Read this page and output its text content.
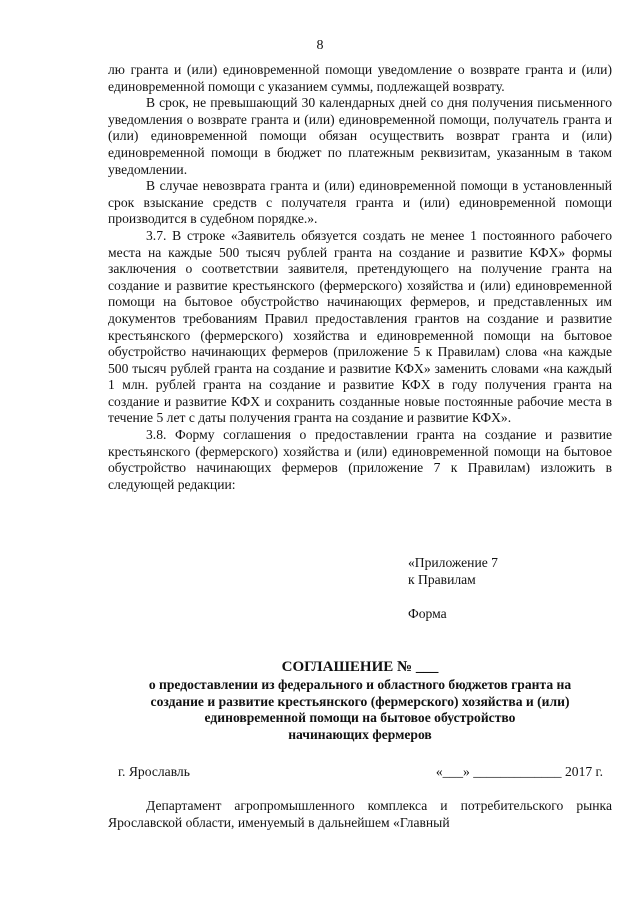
8

лю гранта и (или) единовременной помощи уведомление о возврате гранта и (или) единовременной помощи с указанием суммы, подлежащей возврату.

В срок, не превышающий 30 календарных дней со дня получения письменного уведомления о возврате гранта и (или) единовременной помощи, получатель гранта и (или) единовременной помощи обязан осуществить возврат гранта и (или) единовременной помощи в бюджет по платежным реквизитам, указанным в таком уведомлении.

В случае невозврата гранта и (или) единовременной помощи в установленный срок взыскание средств с получателя гранта и (или) единовременной помощи производится в судебном порядке.».

3.7. В строке «Заявитель обязуется создать не менее 1 постоянного рабочего места на каждые 500 тысяч рублей гранта на создание и развитие КФХ» формы заключения о соответствии заявителя, претендующего на получение гранта на создание и развитие крестьянского (фермерского) хозяйства и (или) единовременной помощи на бытовое обустройство начинающих фермеров, и представленных им документов требованиям Правил предоставления грантов на создание и развитие крестьянского (фермерского) хозяйства и единовременной помощи на бытовое обустройство начинающих фермеров (приложение 5 к Правилам) слова «на каждые 500 тысяч рублей гранта на создание и развитие КФХ» заменить словами «на каждый 1 млн. рублей гранта на создание и развитие КФХ в году получения гранта на создание и развитие КФХ и сохранить созданные новые постоянные рабочие места в течение 5 лет с даты получения гранта на создание и развитие КФХ».

3.8. Форму соглашения о предоставлении гранта на создание и развитие крестьянского (фермерского) хозяйства и (или) единовременной помощи на бытовое обустройство начинающих фермеров (приложение 7 к Правилам) изложить в следующей редакции:

«Приложение 7
к Правилам
Форма
СОГЛАШЕНИЕ № ___
о предоставлении из федерального и областного бюджетов гранта на
создание и развитие крестьянского (фермерского) хозяйства и (или)
единовременной помощи на бытовое обустройство
начинающих фермеров
г. Ярославль	«___» _____________ 2017 г.

Департамент агропромышленного комплекса и потребительского рынка Ярославской области, именуемый в дальнейшем «Главный
